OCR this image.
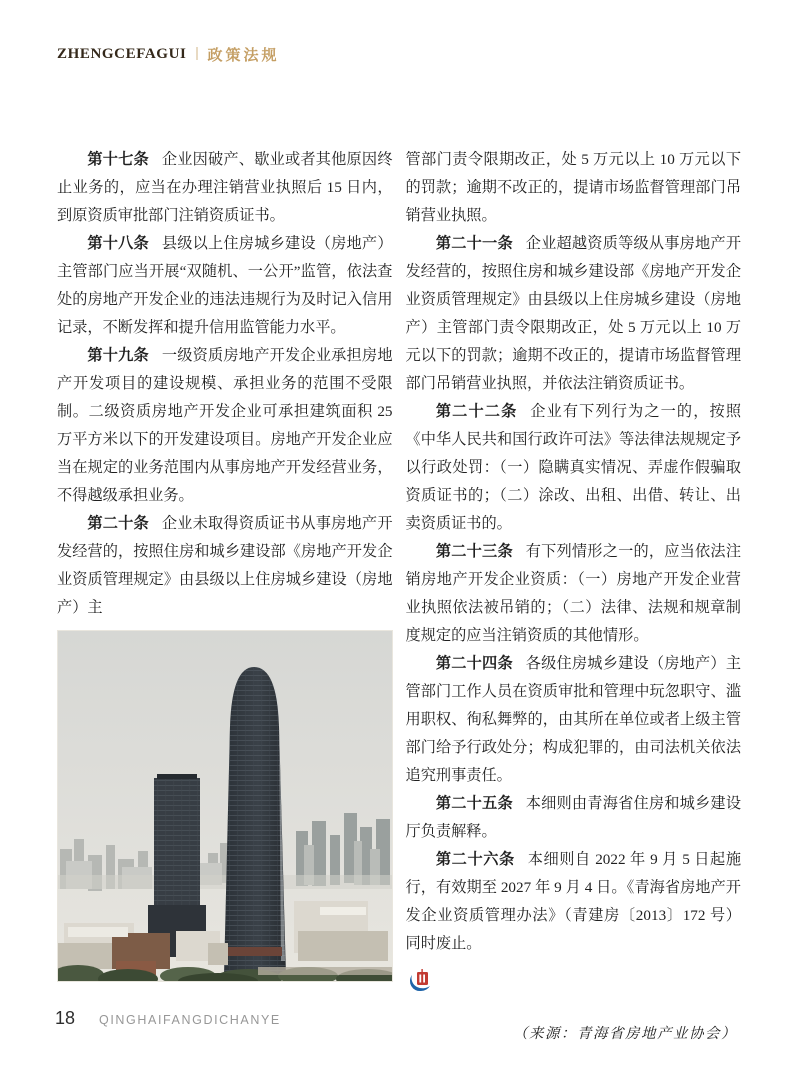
ZHENGCEFAGUI | 政策法规

第十七条 企业因破产、歇业或者其他原因终止业务的，应当在办理注销营业执照后 15 日内，到原资质审批部门注销资质证书。

第十八条 县级以上住房城乡建设（房地产）主管部门应当开展“双随机、一公开”监管，依法查处的房地产开发企业的违法违规行为及时记入信用记录，不断发挥和提升信用监管能力水平。

第十九条 一级资质房地产开发企业承担房地产开发项目的建设规模、承担业务的范围不受限制。二级资质房地产开发企业可承担建筑面积 25 万平方米以下的开发建设项目。房地产开发企业应当在规定的业务范围内从事房地产开发经营业务，不得越级承担业务。

第二十条 企业未取得资质证书从事房地产开发经营的，按照住房和城乡建设部《房地产开发企业资质管理规定》由县级以上住房城乡建设（房地产）主

管部门责令限期改正，处 5 万元以上 10 万元以下的罚款；逾期不改正的，提请市场监督管理部门吊销营业执照。

第二十一条 企业超越资质等级从事房地产开发经营的，按照住房和城乡建设部《房地产开发企业资质管理规定》由县级以上住房城乡建设（房地产）主管部门责令限期改正，处 5 万元以上 10 万元以下的罚款；逾期不改正的，提请市场监督管理部门吊销营业执照，并依法注销资质证书。

第二十二条 企业有下列行为之一的，按照《中华人民共和国行政许可法》等法律法规规定予以行政处罚：（一）隐瞒真实情况、弄虚作假骗取资质证书的；（二）涂改、出租、出借、转让、出卖资质证书的。

第二十三条 有下列情形之一的，应当依法注销房地产开发企业资质：（一）房地产开发企业营业执照依法被吊销的；（二）法律、法规和规章制度规定的应当注销资质的其他情形。

第二十四条 各级住房城乡建设（房地产）主管部门工作人员在资质审批和管理中玩忽职守、滥用职权、徇私舞弊的，由其所在单位或者上级主管部门给予行政处分；构成犯罪的，由司法机关依法追究刑事责任。

第二十五条 本细则由青海省住房和城乡建设厅负责解释。

第二十六条 本细则自 2022 年 9 月 5 日起施行，有效期至 2027 年 9 月 4 日。《青海省房地产开发企业资质管理办法》（青建房〔2013〕172 号）同时废止。

（来源：青海省房地产业协会）

18 QINGHAIFANGDICHANYE
